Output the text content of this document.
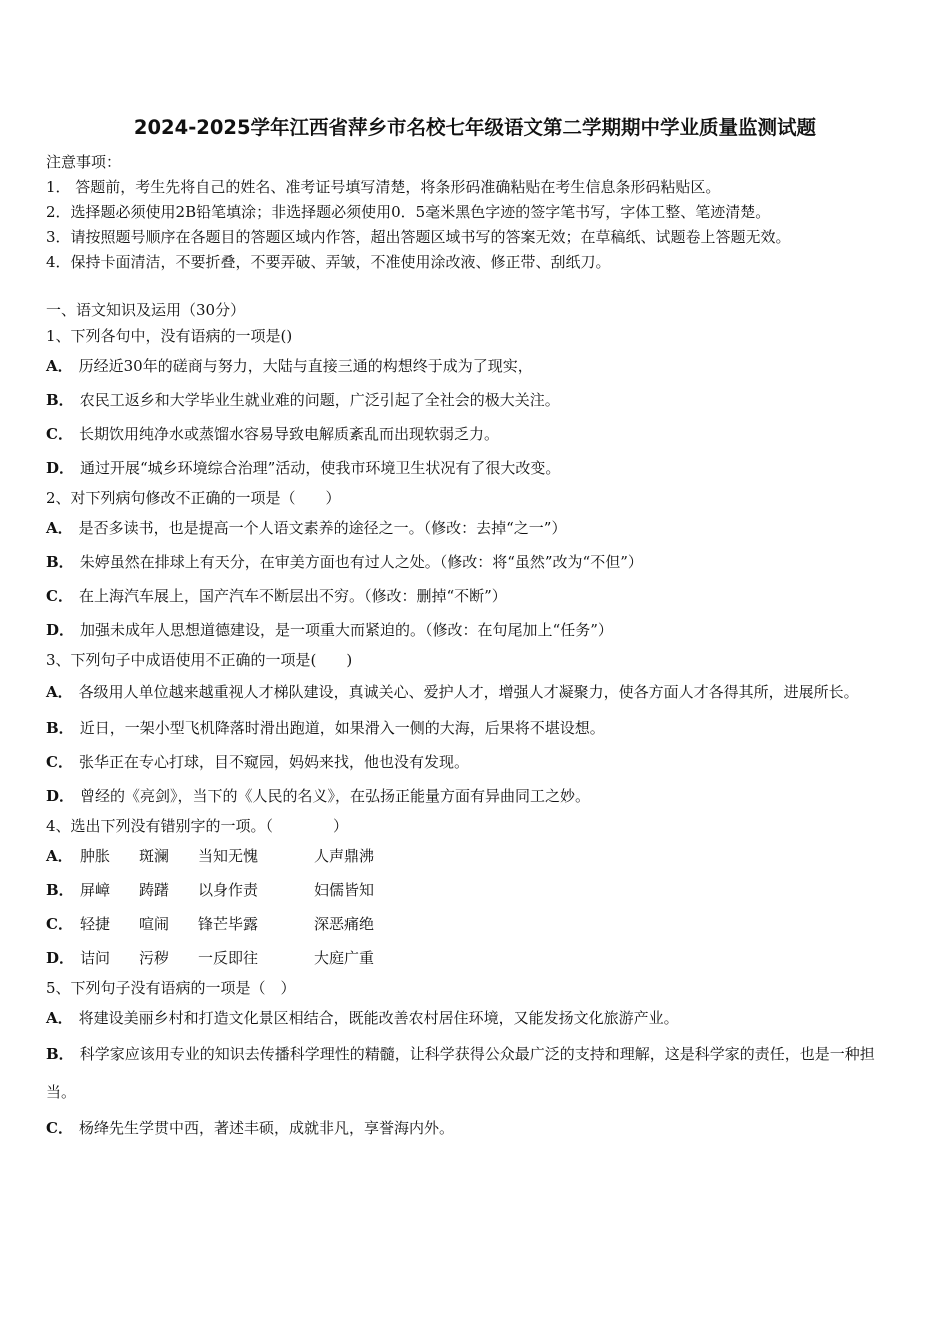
2024-2025学年江西省萍乡市名校七年级语文第二学期期中学业质量监测试题
注意事项：
1． 答题前，考生先将自己的姓名、准考证号填写清楚，将条形码准确粘贴在考生信息条形码粘贴区。
2．选择题必须使用2B铅笔填涂；非选择题必须使用0．5毫米黑色字迹的签字笔书写，字体工整、笔迹清楚。
3．请按照题号顺序在各题目的答题区域内作答，超出答题区域书写的答案无效；在草稿纸、试题卷上答题无效。
4．保持卡面清洁，不要折叠，不要弄破、弄皱，不准使用涂改液、修正带、刮纸刀。
一、语文知识及运用（30分）
1、下列各句中，没有语病的一项是()
A． 历经近30年的磋商与努力，大陆与直接三通的构想终于成为了现实，
B． 农民工返乡和大学毕业生就业难的问题，广泛引起了全社会的极大关注。
C． 长期饮用纯净水或蒸馏水容易导致电解质紊乱而出现软弱乏力。
D． 通过开展“城乡环境综合治理”活动，使我市环境卫生状况有了很大改变。
2、对下列病句修改不正确的一项是（　　）
A． 是否多读书，也是提高一个人语文素养的途径之一。（修改：去掉“之一”）
B． 朱婷虽然在排球上有天分，在审美方面也有过人之处。（修改：将“虽然”改为“不但”）
C． 在上海汽车展上，国产汽车不断层出不穷。（修改：删掉“不断”）
D． 加强未成年人思想道德建设，是一项重大而紧迫的。（修改：在句尾加上“任务”）
3、下列句子中成语使用不正确的一项是(　　)
A． 各级用人单位越来越重视人才梯队建设，真诚关心、爱护人才，增强人才凝聚力，使各方面人才各得其所，进展所长。
B． 近日，一架小型飞机降落时滑出跑道，如果滑入一侧的大海，后果将不堪设想。
C． 张华正在专心打球，目不窥园，妈妈来找，他也没有发现。
D． 曾经的《亮剑》，当下的《人民的名义》，在弘扬正能量方面有异曲同工之妙。
4、选出下列没有错别字的一项。（　　　　）
A． 肿胀	斑澜	当知无愧	人声鼎沸
B． 屏嶂	踌躇	以身作责	妇儒皆知
C． 轻捷	喧闹	锋芒毕露	深恶痛绝
D． 诘问	污秽	一反即往	大庭广重
5、下列句子没有语病的一项是（　）
A． 将建设美丽乡村和打造文化景区相结合，既能改善农村居住环境，又能发扬文化旅游产业。
B． 科学家应该用专业的知识去传播科学理性的精髓，让科学获得公众最广泛的支持和理解，这是科学家的责任，也是一种担当。
C． 杨绛先生学贯中西，著述丰硕，成就非凡，享誉海内外。
